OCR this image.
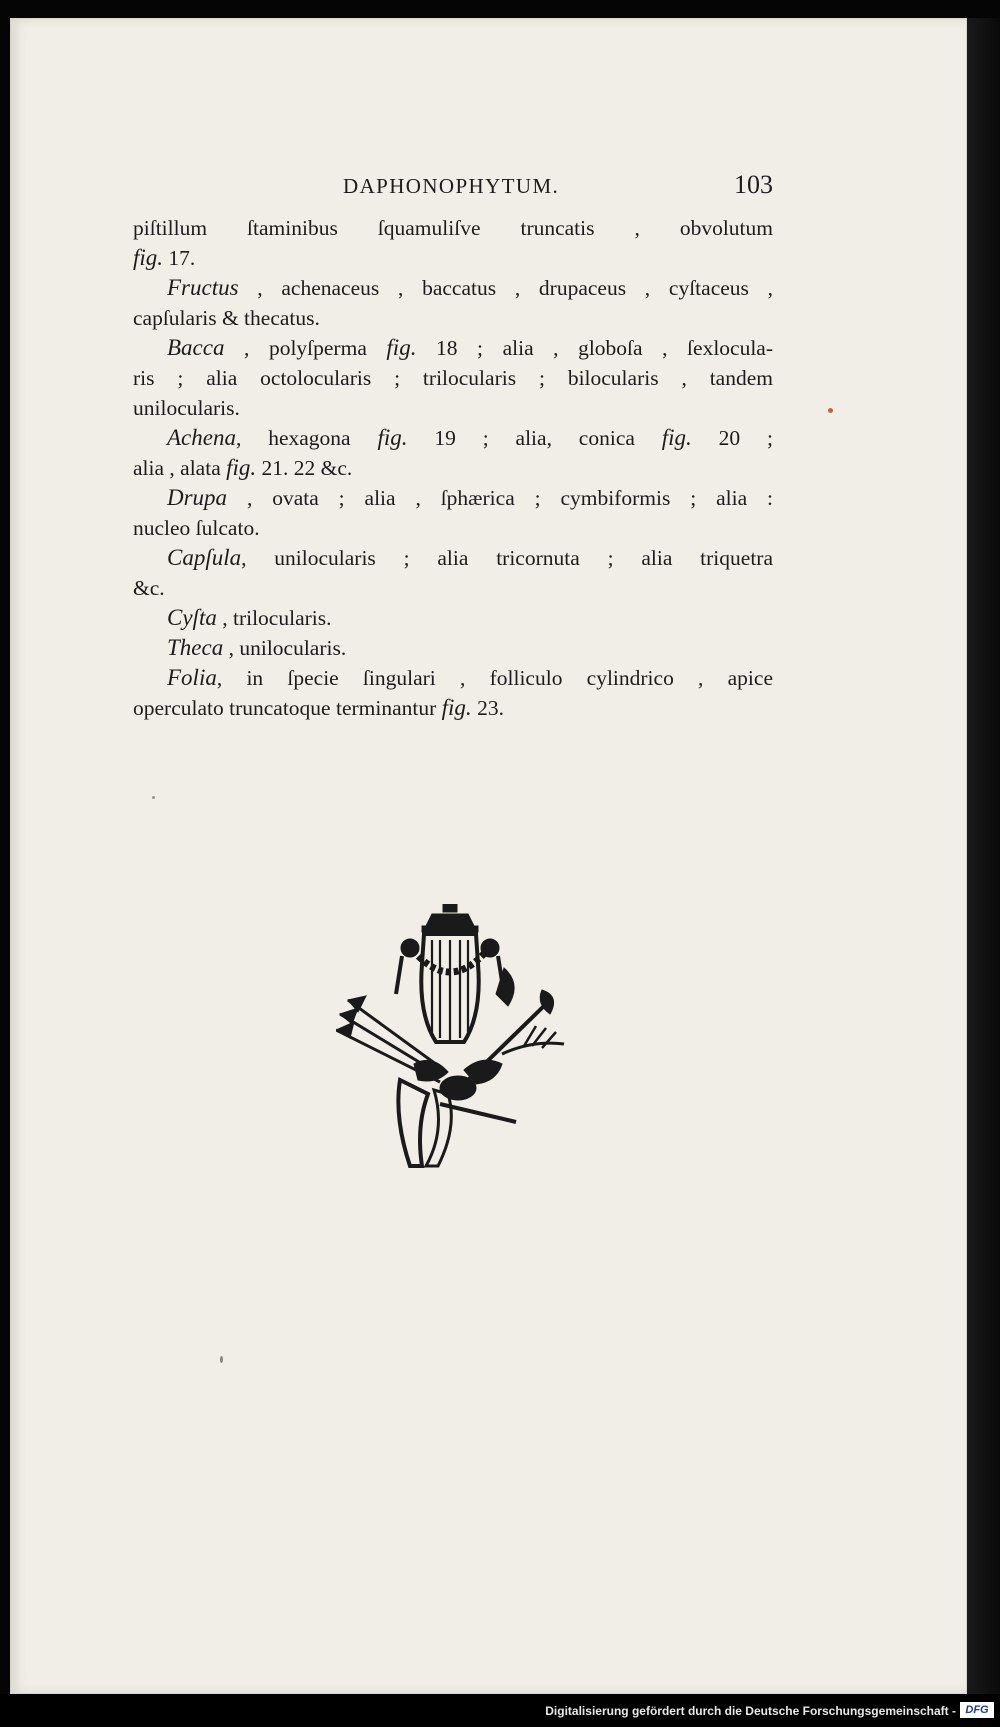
DAPHONOPHYTUM.	103
piſtillum ſtaminibus ſquamuliſve truncatis , obvolutum
fig. 17.
Fructus , achenaceus , baccatus , drupaceus , cyſtaceus ,
capſularis & thecatus.
Bacca , polyſperma fig. 18 ; alia , globoſa , ſexlocula-
ris ; alia octolocularis ; trilocularis ; bilocularis , tandem
unilocularis.
Achena, hexagona fig. 19 ; alia, conica fig. 20 ;
alia , alata fig. 21. 22 &c.
Drupa , ovata ; alia , ſphærica ; cymbiformis ; alia :
nucleo ſulcato.
Capſula, unilocularis ; alia tricornuta ; alia triquetra
&c.
Cyſta , trilocularis.
Theca , unilocularis.
Folia, in ſpecie ſingulari , folliculo cylindrico , apice
operculato truncatoque terminantur fig. 23.
Digitalisierung gefördert durch die Deutsche Forschungsgemeinschaft - DFG
